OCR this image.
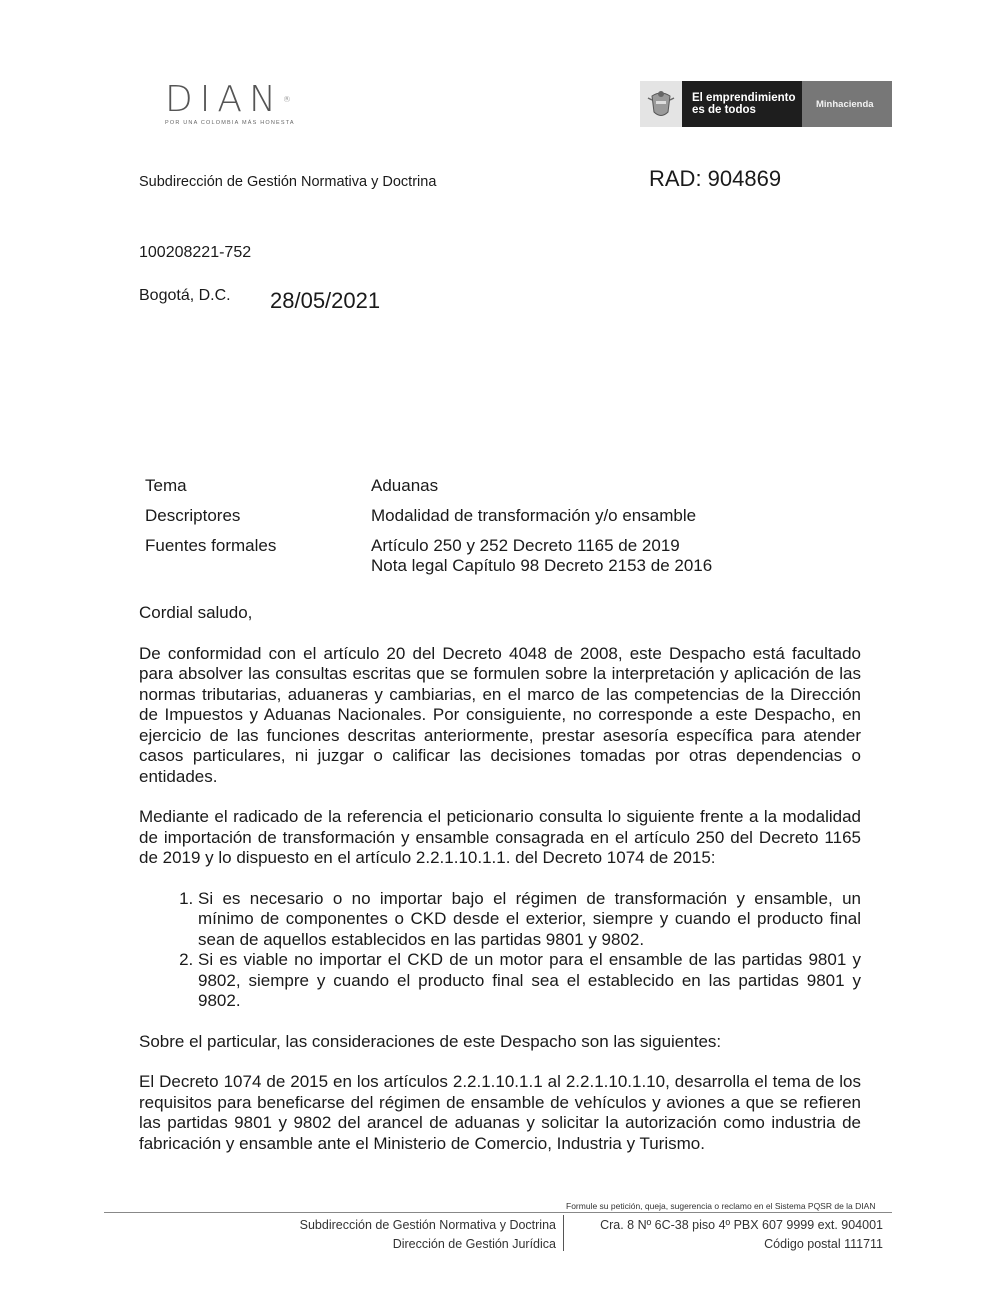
DIAN®
POR UNA COLOMBIA MÁS HONESTA
El emprendimiento
es de todos	Minhacienda
Subdirección de Gestión Normativa y Doctrina	RAD: 904869
100208221-752
Bogotá, D.C. 28/05/2021
Tema	Aduanas
Descriptores	Modalidad de transformación y/o ensamble
Fuentes formales	Artículo 250 y 252 Decreto 1165 de 2019
Nota legal Capítulo 98 Decreto 2153 de 2016

Cordial saludo,

De conformidad con el artículo 20 del Decreto 4048 de 2008, este Despacho está facultado para absolver las consultas escritas que se formulen sobre la interpretación y aplicación de las normas tributarias, aduaneras y cambiarias, en el marco de las competencias de la Dirección de Impuestos y Aduanas Nacionales. Por consiguiente, no corresponde a este Despacho, en ejercicio de las funciones descritas anteriormente, prestar asesoría específica para atender casos particulares, ni juzgar o calificar las decisiones tomadas por otras dependencias o entidades.

Mediante el radicado de la referencia el peticionario consulta lo siguiente frente a la modalidad de importación de transformación y ensamble consagrada en el artículo 250 del Decreto 1165 de 2019 y lo dispuesto en el artículo 2.2.1.10.1.1. del Decreto 1074 de 2015:

1. Si es necesario o no importar bajo el régimen de transformación y ensamble, un mínimo de componentes o CKD desde el exterior, siempre y cuando el producto final sean de aquellos establecidos en las partidas 9801 y 9802.
2. Si es viable no importar el CKD de un motor para el ensamble de las partidas 9801 y 9802, siempre y cuando el producto final sea el establecido en las partidas 9801 y 9802.

Sobre el particular, las consideraciones de este Despacho son las siguientes:

El Decreto 1074 de 2015 en los artículos 2.2.1.10.1.1 al 2.2.1.10.1.10, desarrolla el tema de los requisitos para beneficarse del régimen de ensamble de vehículos y aviones a que se refieren las partidas 9801 y 9802 del arancel de aduanas y solicitar la autorización como industria de fabricación y ensamble ante el Ministerio de Comercio, Industria y Turismo.

Formule su petición, queja, sugerencia o reclamo en el Sistema PQSR de la DIAN
Subdirección de Gestión Normativa y Doctrina
Dirección de Gestión Jurídica
Cra. 8 Nº 6C-38 piso 4º PBX 607 9999 ext. 904001
Código postal 111711
